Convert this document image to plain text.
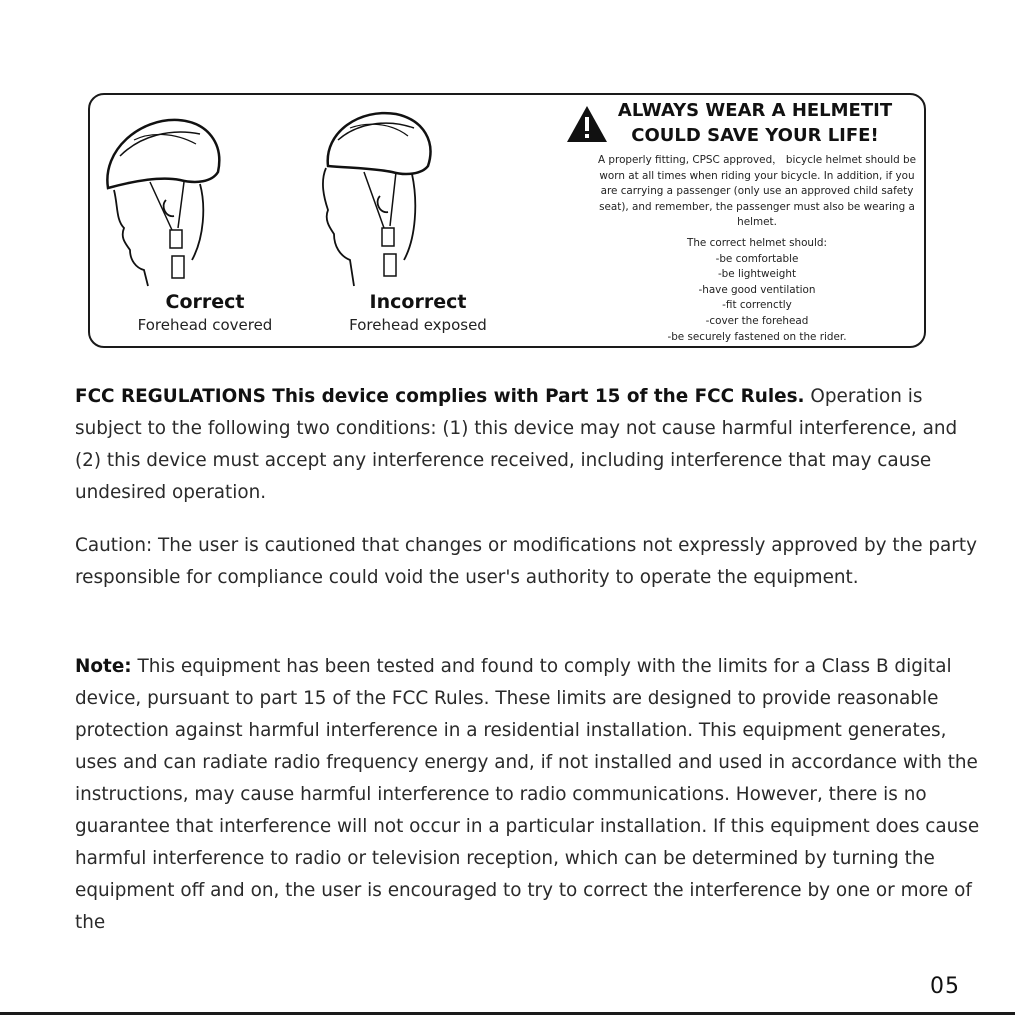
Correct
Forehead covered
Incorrect
Forehead exposed
ALWAYS WEAR A HELMETIT
COULD SAVE YOUR LIFE!
A properly fitting, CPSC approved， bicycle helmet should be worn at all times when riding your bicycle. In addition, if you are carrying a passenger (only use an approved child safety seat), and remember, the passenger must also be wearing a helmet.
The correct helmet should:
-be comfortable
-be lightweight
-have good ventilation
-fit correnctly
-cover the forehead
-be securely fastened on the rider.

FCC REGULATIONS This device complies with Part 15 of the FCC Rules. Operation is subject to the following two conditions: (1) this device may not cause harmful interference, and (2) this device must accept any interference received, including interference that may cause undesired operation.

Caution: The user is cautioned that changes or modifications not expressly approved by the party responsible for compliance could void the user's authority to operate the equipment.

Note: This equipment has been tested and found to comply with the limits for a Class B digital device, pursuant to part 15 of the FCC Rules. These limits are designed to provide reasonable protection against harmful interference in a residential installation. This equipment generates, uses and can radiate radio frequency energy and, if not installed and used in accordance with the instructions, may cause harmful interference to radio communications. However, there is no guarantee that interference will not occur in a particular installation. If this equipment does cause harmful interference to radio or television reception, which can be determined by turning the equipment off and on, the user is encouraged to try to correct the interference by one or more of the

05
